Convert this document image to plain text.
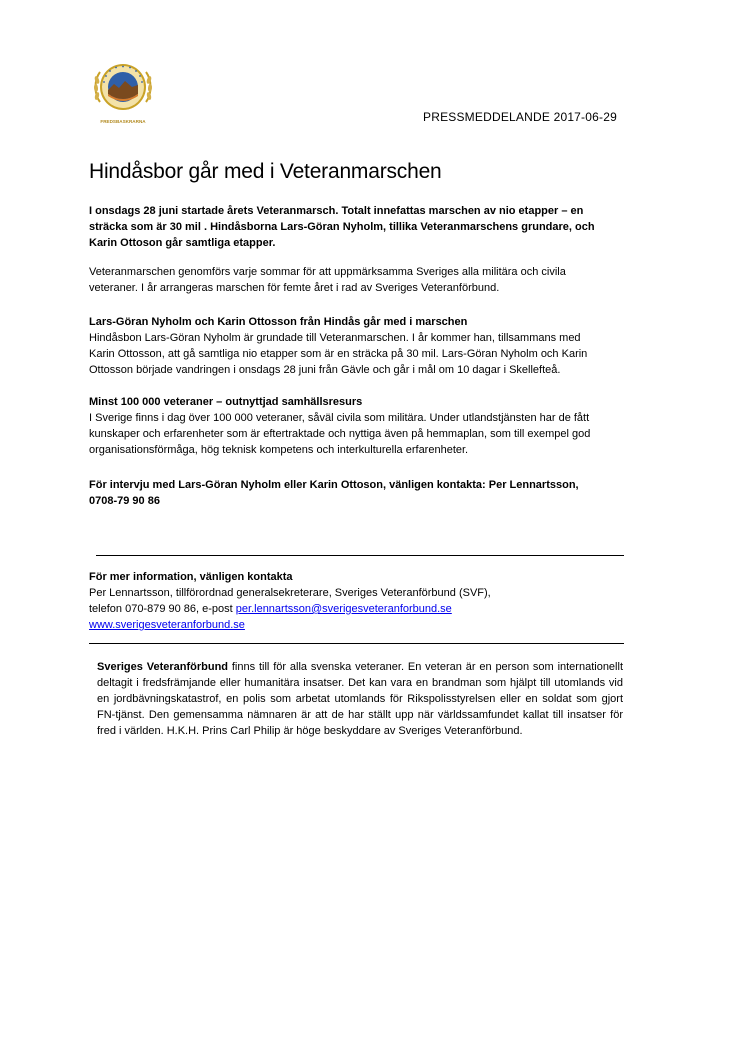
FREDSBASKRARNA	PRESSMEDDELANDE 2017-06-29
Hindåsbor går med i Veteranmarschen

I onsdags 28 juni startade årets Veteranmarsch. Totalt innefattas marschen av nio etapper – en

sträcka som är 30 mil . Hindåsborna Lars-Göran Nyholm, tillika Veteranmarschens grundare, och

Karin Ottoson går samtliga etapper.

Veteranmarschen genomförs varje sommar för att uppmärksamma Sveriges alla militära och civila

veteraner. I år arrangeras marschen för femte året i rad av Sveriges Veteranförbund.

Lars-Göran Nyholm och Karin Ottosson från Hindås går med i marschen

Hindåsbon Lars-Göran Nyholm är grundade till Veteranmarschen. I år kommer han, tillsammans med

Karin Ottosson, att gå samtliga nio etapper som är en sträcka på 30 mil. Lars-Göran Nyholm och Karin

Ottosson började vandringen i onsdags 28 juni från Gävle och går i mål om 10 dagar i Skellefteå.

Minst 100 000 veteraner – outnyttjad samhällsresurs

I Sverige finns i dag över 100 000 veteraner, såväl civila som militära. Under utlandstjänsten har de fått

kunskaper och erfarenheter som är eftertraktade och nyttiga även på hemmaplan, som till exempel god

organisationsförmåga, hög teknisk kompetens och interkulturella erfarenheter.

För intervju med Lars-Göran Nyholm eller Karin Ottoson, vänligen kontakta: Per Lennartsson,

0708-79 90 86

För mer information, vänligen kontakta

Per Lennartsson, tillförordnad generalsekreterare, Sveriges Veteranförbund (SVF),

telefon 070-879 90 86, e-post per.lennartsson@sverigesveteranforbund.se

www.sverigesveteranforbund.se

Sveriges Veteranförbund finns till för alla svenska veteraner. En veteran är en person som internationellt deltagit i fredsfrämjande eller humanitära insatser. Det kan vara en brandman som hjälpt till utomlands vid en jordbävningskatastrof, en polis som arbetat utomlands för Rikspolisstyrelsen eller en soldat som gjort FN-tjänst. Den gemensamma nämnaren är att de har ställt upp när världssamfundet kallat till insatser för fred i världen. H.K.H. Prins Carl Philip är höge beskyddare av Sveriges Veteranförbund.
